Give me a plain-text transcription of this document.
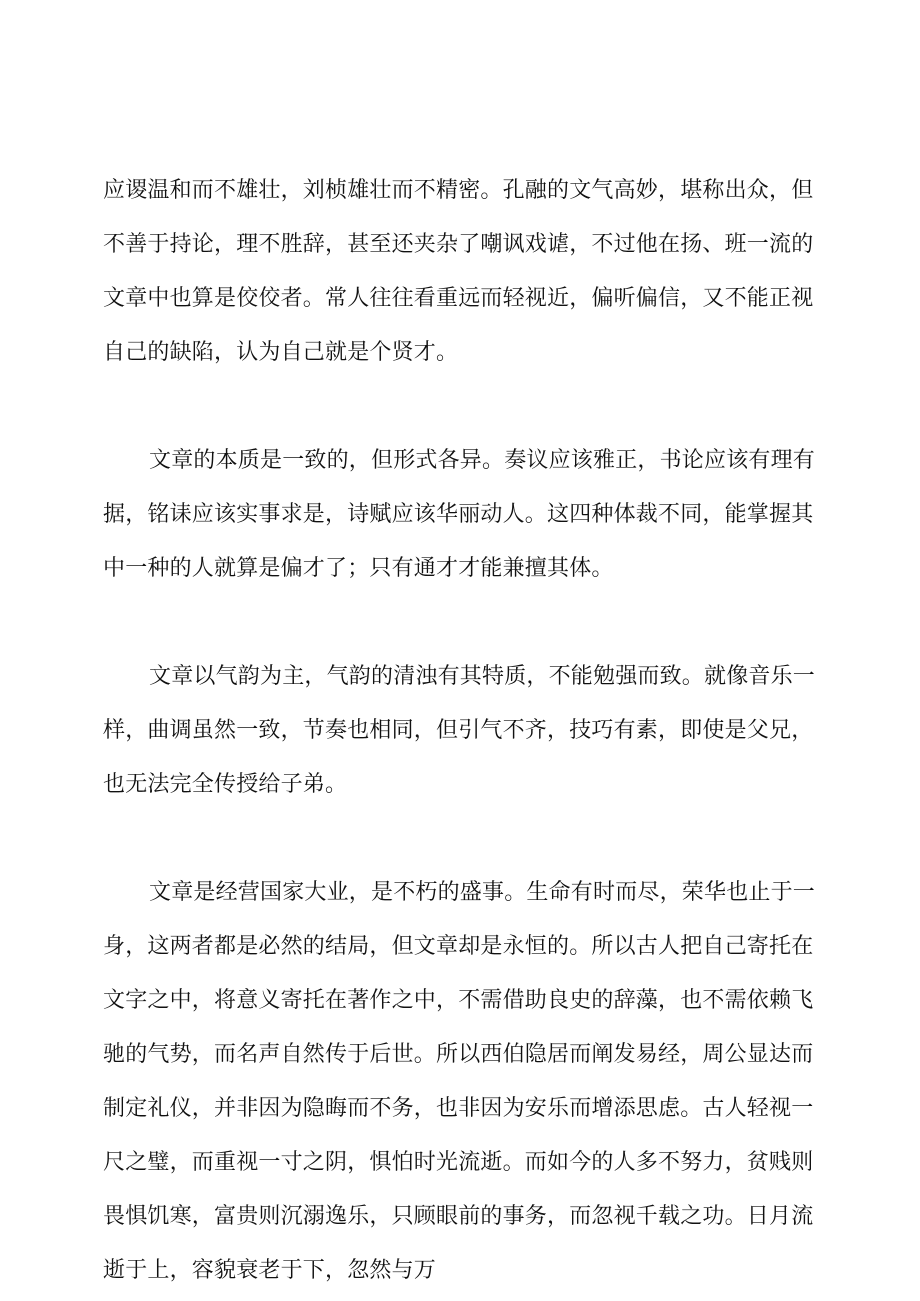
应谡温和而不雄壮，刘桢雄壮而不精密。孔融的文气高妙，堪称出众，但不善于持论，理不胜辞，甚至还夹杂了嘲讽戏谑，不过他在扬、班一流的文章中也算是佼佼者。常人往往看重远而轻视近，偏听偏信，又不能正视自己的缺陷，认为自己就是个贤才。

文章的本质是一致的，但形式各异。奏议应该雅正，书论应该有理有据，铭诔应该实事求是，诗赋应该华丽动人。这四种体裁不同，能掌握其中一种的人就算是偏才了；只有通才才能兼擅其体。

文章以气韵为主，气韵的清浊有其特质，不能勉强而致。就像音乐一样，曲调虽然一致，节奏也相同，但引气不齐，技巧有素，即使是父兄，也无法完全传授给子弟。

文章是经营国家大业，是不朽的盛事。生命有时而尽，荣华也止于一身，这两者都是必然的结局，但文章却是永恒的。所以古人把自己寄托在文字之中，将意义寄托在著作之中，不需借助良史的辞藻，也不需依赖飞驰的气势，而名声自然传于后世。所以西伯隐居而阐发易经，周公显达而制定礼仪，并非因为隐晦而不务，也非因为安乐而增添思虑。古人轻视一尺之璧，而重视一寸之阴，惧怕时光流逝。而如今的人多不努力，贫贱则畏惧饥寒，富贵则沉溺逸乐，只顾眼前的事务，而忽视千载之功。日月流逝于上，容貌衰老于下，忽然与万
